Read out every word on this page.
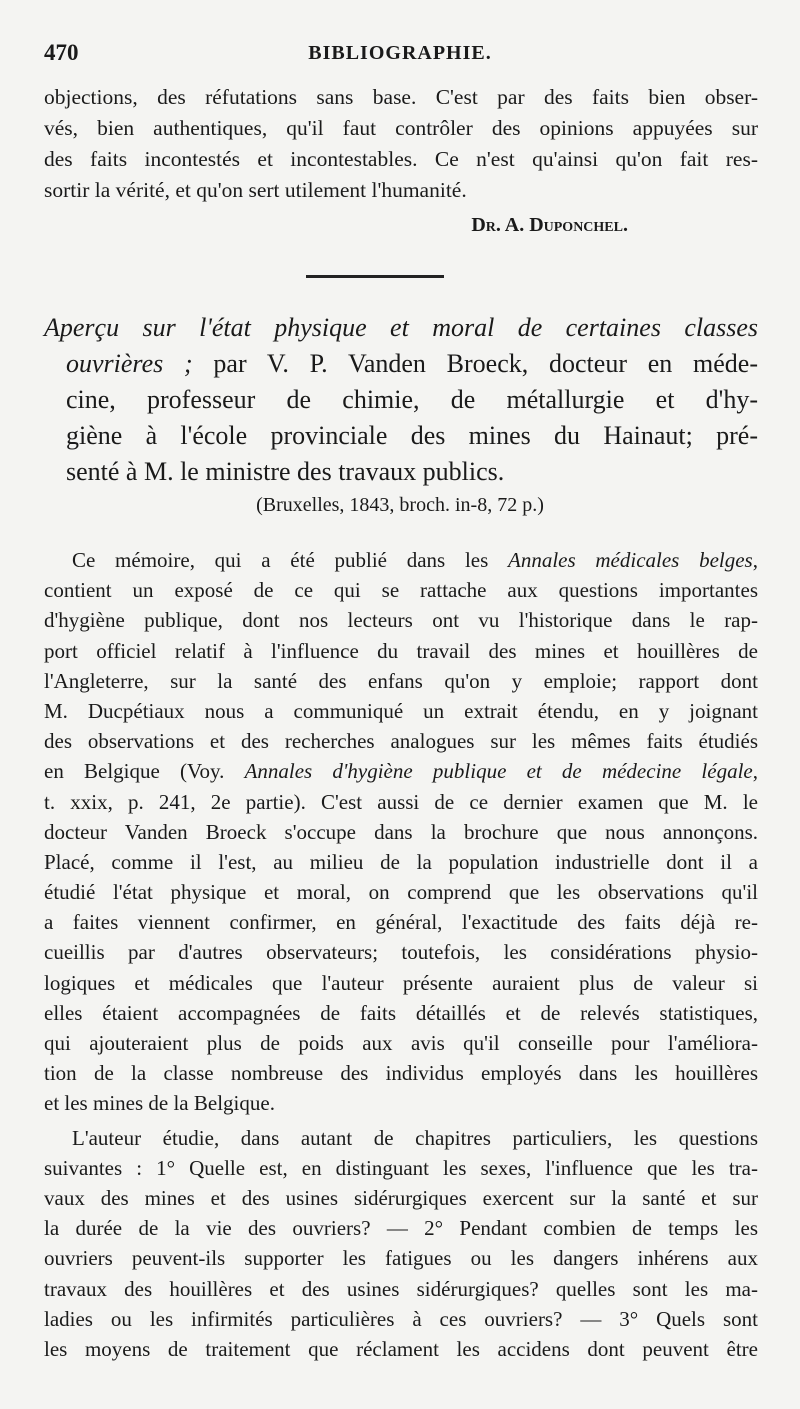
470	BIBLIOGRAPHIE.
objections, des réfutations sans base. C'est par des faits bien obser-
vés, bien authentiques, qu'il faut contrôler des opinions appuyées sur
des faits incontestés et incontestables. Ce n'est qu'ainsi qu'on fait res-
sortir la vérité, et qu'on sert utilement l'humanité.
Dr. A. Duponchel.
Aperçu sur l'état physique et moral de certaines classes
ouvrières ; par V. P. Vanden Broeck, docteur en méde-
cine, professeur de chimie, de métallurgie et d'hy-
giène à l'école provinciale des mines du Hainaut; pré-
senté à M. le ministre des travaux publics.
(Bruxelles, 1843, broch. in-8, 72 p.)
Ce mémoire, qui a été publié dans les Annales médicales belges,
contient un exposé de ce qui se rattache aux questions importantes
d'hygiène publique, dont nos lecteurs ont vu l'historique dans le rap-
port officiel relatif à l'influence du travail des mines et houillères de
l'Angleterre, sur la santé des enfans qu'on y emploie; rapport dont
M. Ducpétiaux nous a communiqué un extrait étendu, en y joignant
des observations et des recherches analogues sur les mêmes faits étudiés
en Belgique (Voy. Annales d'hygiène publique et de médecine légale,
t. xxix, p. 241, 2e partie). C'est aussi de ce dernier examen que M. le
docteur Vanden Broeck s'occupe dans la brochure que nous annonçons.
Placé, comme il l'est, au milieu de la population industrielle dont il a
étudié l'état physique et moral, on comprend que les observations qu'il
a faites viennent confirmer, en général, l'exactitude des faits déjà re-
cueillis par d'autres observateurs; toutefois, les considérations physio-
logiques et médicales que l'auteur présente auraient plus de valeur si
elles étaient accompagnées de faits détaillés et de relevés statistiques,
qui ajouteraient plus de poids aux avis qu'il conseille pour l'améliora-
tion de la classe nombreuse des individus employés dans les houillères
et les mines de la Belgique.
L'auteur étudie, dans autant de chapitres particuliers, les questions
suivantes : 1° Quelle est, en distinguant les sexes, l'influence que les tra-
vaux des mines et des usines sidérurgiques exercent sur la santé et sur
la durée de la vie des ouvriers? — 2° Pendant combien de temps les
ouvriers peuvent-ils supporter les fatigues ou les dangers inhérens aux
travaux des houillères et des usines sidérurgiques? quelles sont les ma-
ladies ou les infirmités particulières à ces ouvriers? — 3° Quels sont
les moyens de traitement que réclament les accidens dont peuvent être
